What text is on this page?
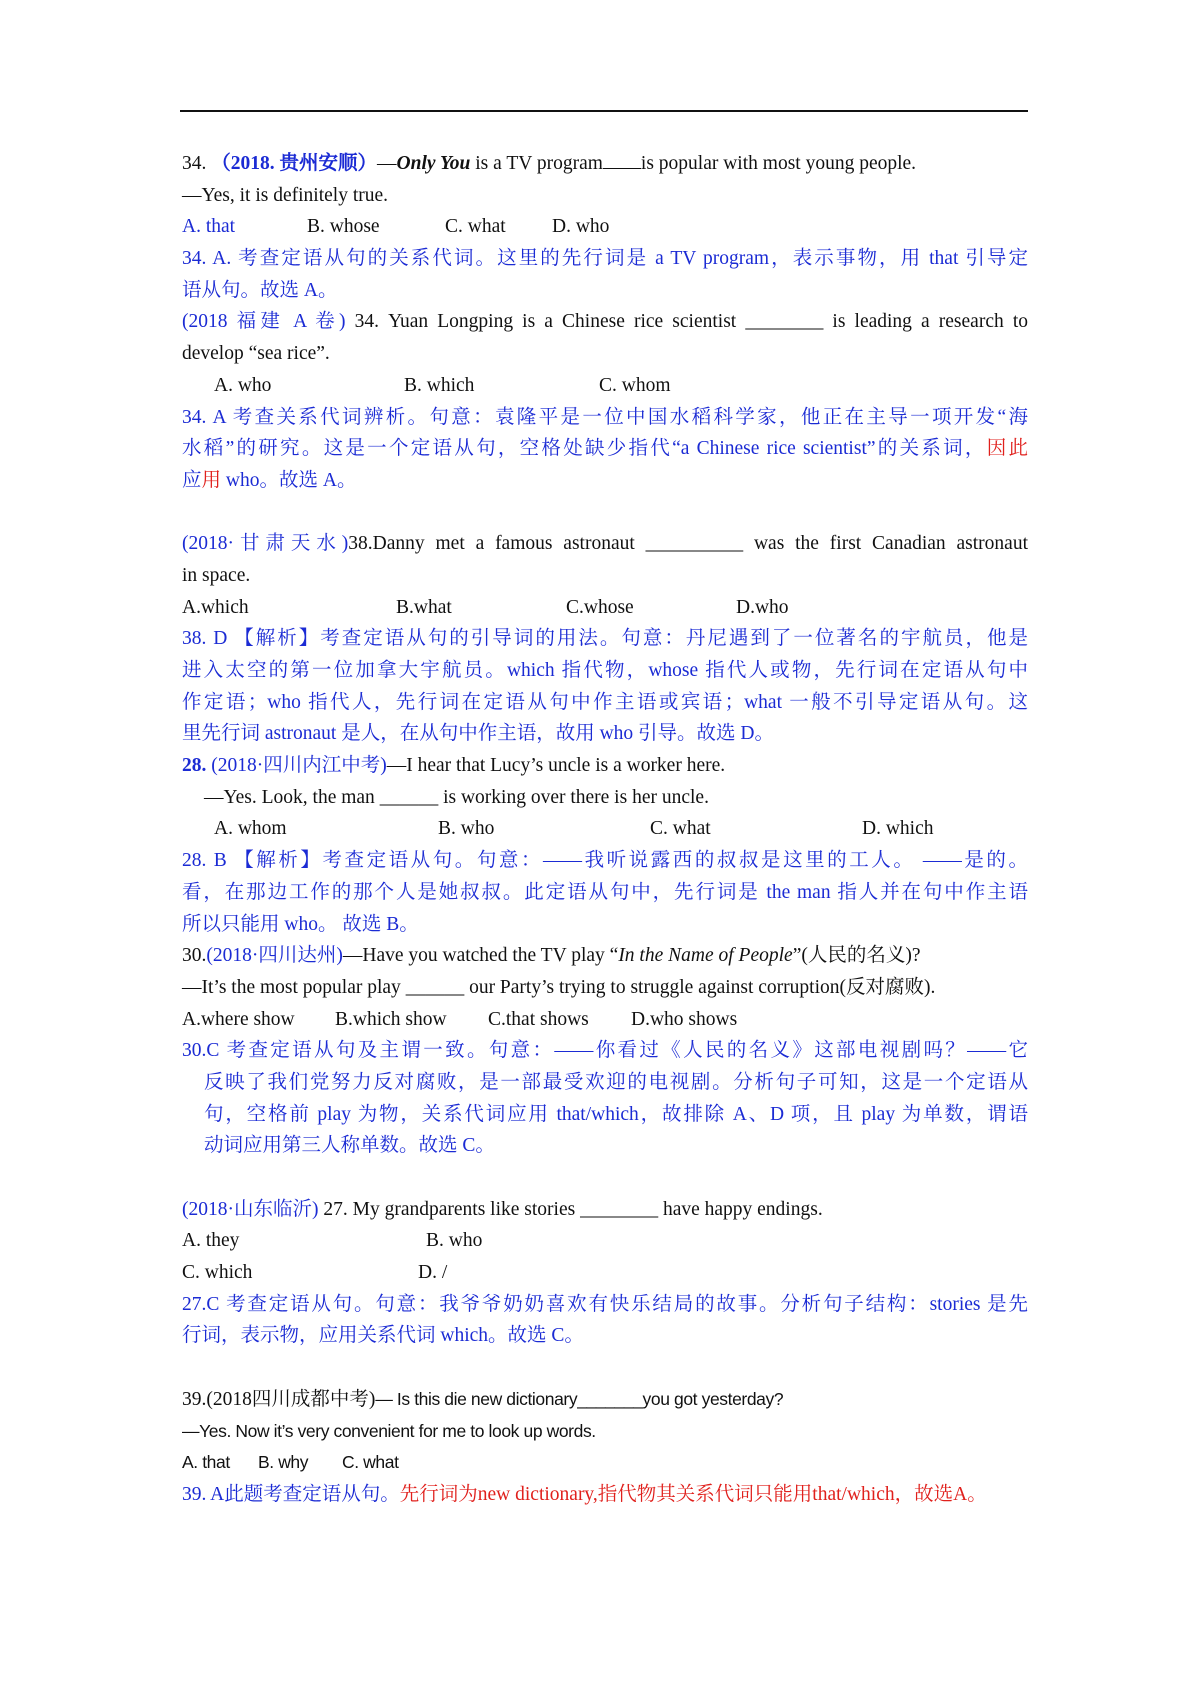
34. （2018. 贵州安顺）—Only You is a TV program is popular with most young people.
—Yes, it is definitely true.
A. that	B. whose	C. what D. who
34. A. 考查定语从句的关系代词。这里的先行词是 a TV program，表示事物，用 that 引导定
语从句。故选 A。
(2018 福建 A 卷) 34. Yuan Longping is a Chinese rice scientist ________ is leading a research to
develop “sea rice”.
A. who	B. which	C. whom
34. A 考查关系代词辨析。句意：袁隆平是一位中国水稻科学家，他正在主导一项开发“海
水稻”的研究。这是一个定语从句，空格处缺少指代“a Chinese rice scientist”的关系词，因此
应用 who。故选 A。
(2018·甘肃天水)38.Danny met a famous astronaut __________ was the first Canadian astronaut
in space.
A.which	B.what	C.whose	D.who
38. D 【解析】考查定语从句的引导词的用法。句意：丹尼遇到了一位著名的宇航员，他是
进入太空的第一位加拿大宇航员。which 指代物，whose 指代人或物，先行词在定语从句中
作定语；who 指代人，先行词在定语从句中作主语或宾语；what 一般不引导定语从句。这
里先行词 astronaut 是人，在从句中作主语，故用 who 引导。故选 D。
28. (2018·四川内江中考)—I hear that Lucy’s uncle is a worker here.
—Yes. Look, the man ______ is working over there is her uncle.
A. whom	B. who	C. what	D. which
28. B 【解析】考查定语从句。句意：——我听说露西的叔叔是这里的工人。 ——是的。
看，在那边工作的那个人是她叔叔。此定语从句中，先行词是 the man 指人并在句中作主语
所以只能用 who。 故选 B。
30.(2018·四川达州)—Have you watched the TV play “In the Name of People”(人民的名义)?
—It’s the most popular play ______ our Party’s trying to struggle against corruption(反对腐败).
A.where show B.which show C.that shows D.who shows
30.C 考查定语从句及主谓一致。句意：——你看过《人民的名义》这部电视剧吗？——它
反映了我们党努力反对腐败，是一部最受欢迎的电视剧。分析句子可知，这是一个定语从
句，空格前 play 为物，关系代词应用 that/which，故排除 A、D 项，且 play 为单数，谓语
动词应用第三人称单数。故选 C。
(2018·山东临沂) 27. My grandparents like stories ________ have happy endings.
A. they	B. who
C. which	D. /
27.C 考查定语从句。句意：我爷爷奶奶喜欢有快乐结局的故事。分析句子结构：stories 是先
行词，表示物，应用关系代词 which。故选 C。
39.(2018四川成都中考)— Is this die new dictionary_______you got yesterday?
—Yes. Now it’s very convenient for me to look up words.
A. that B. why C. what
39. A此题考查定语从句。先行词为new dictionary,指代物其关系代词只能用that/which，故选A。
